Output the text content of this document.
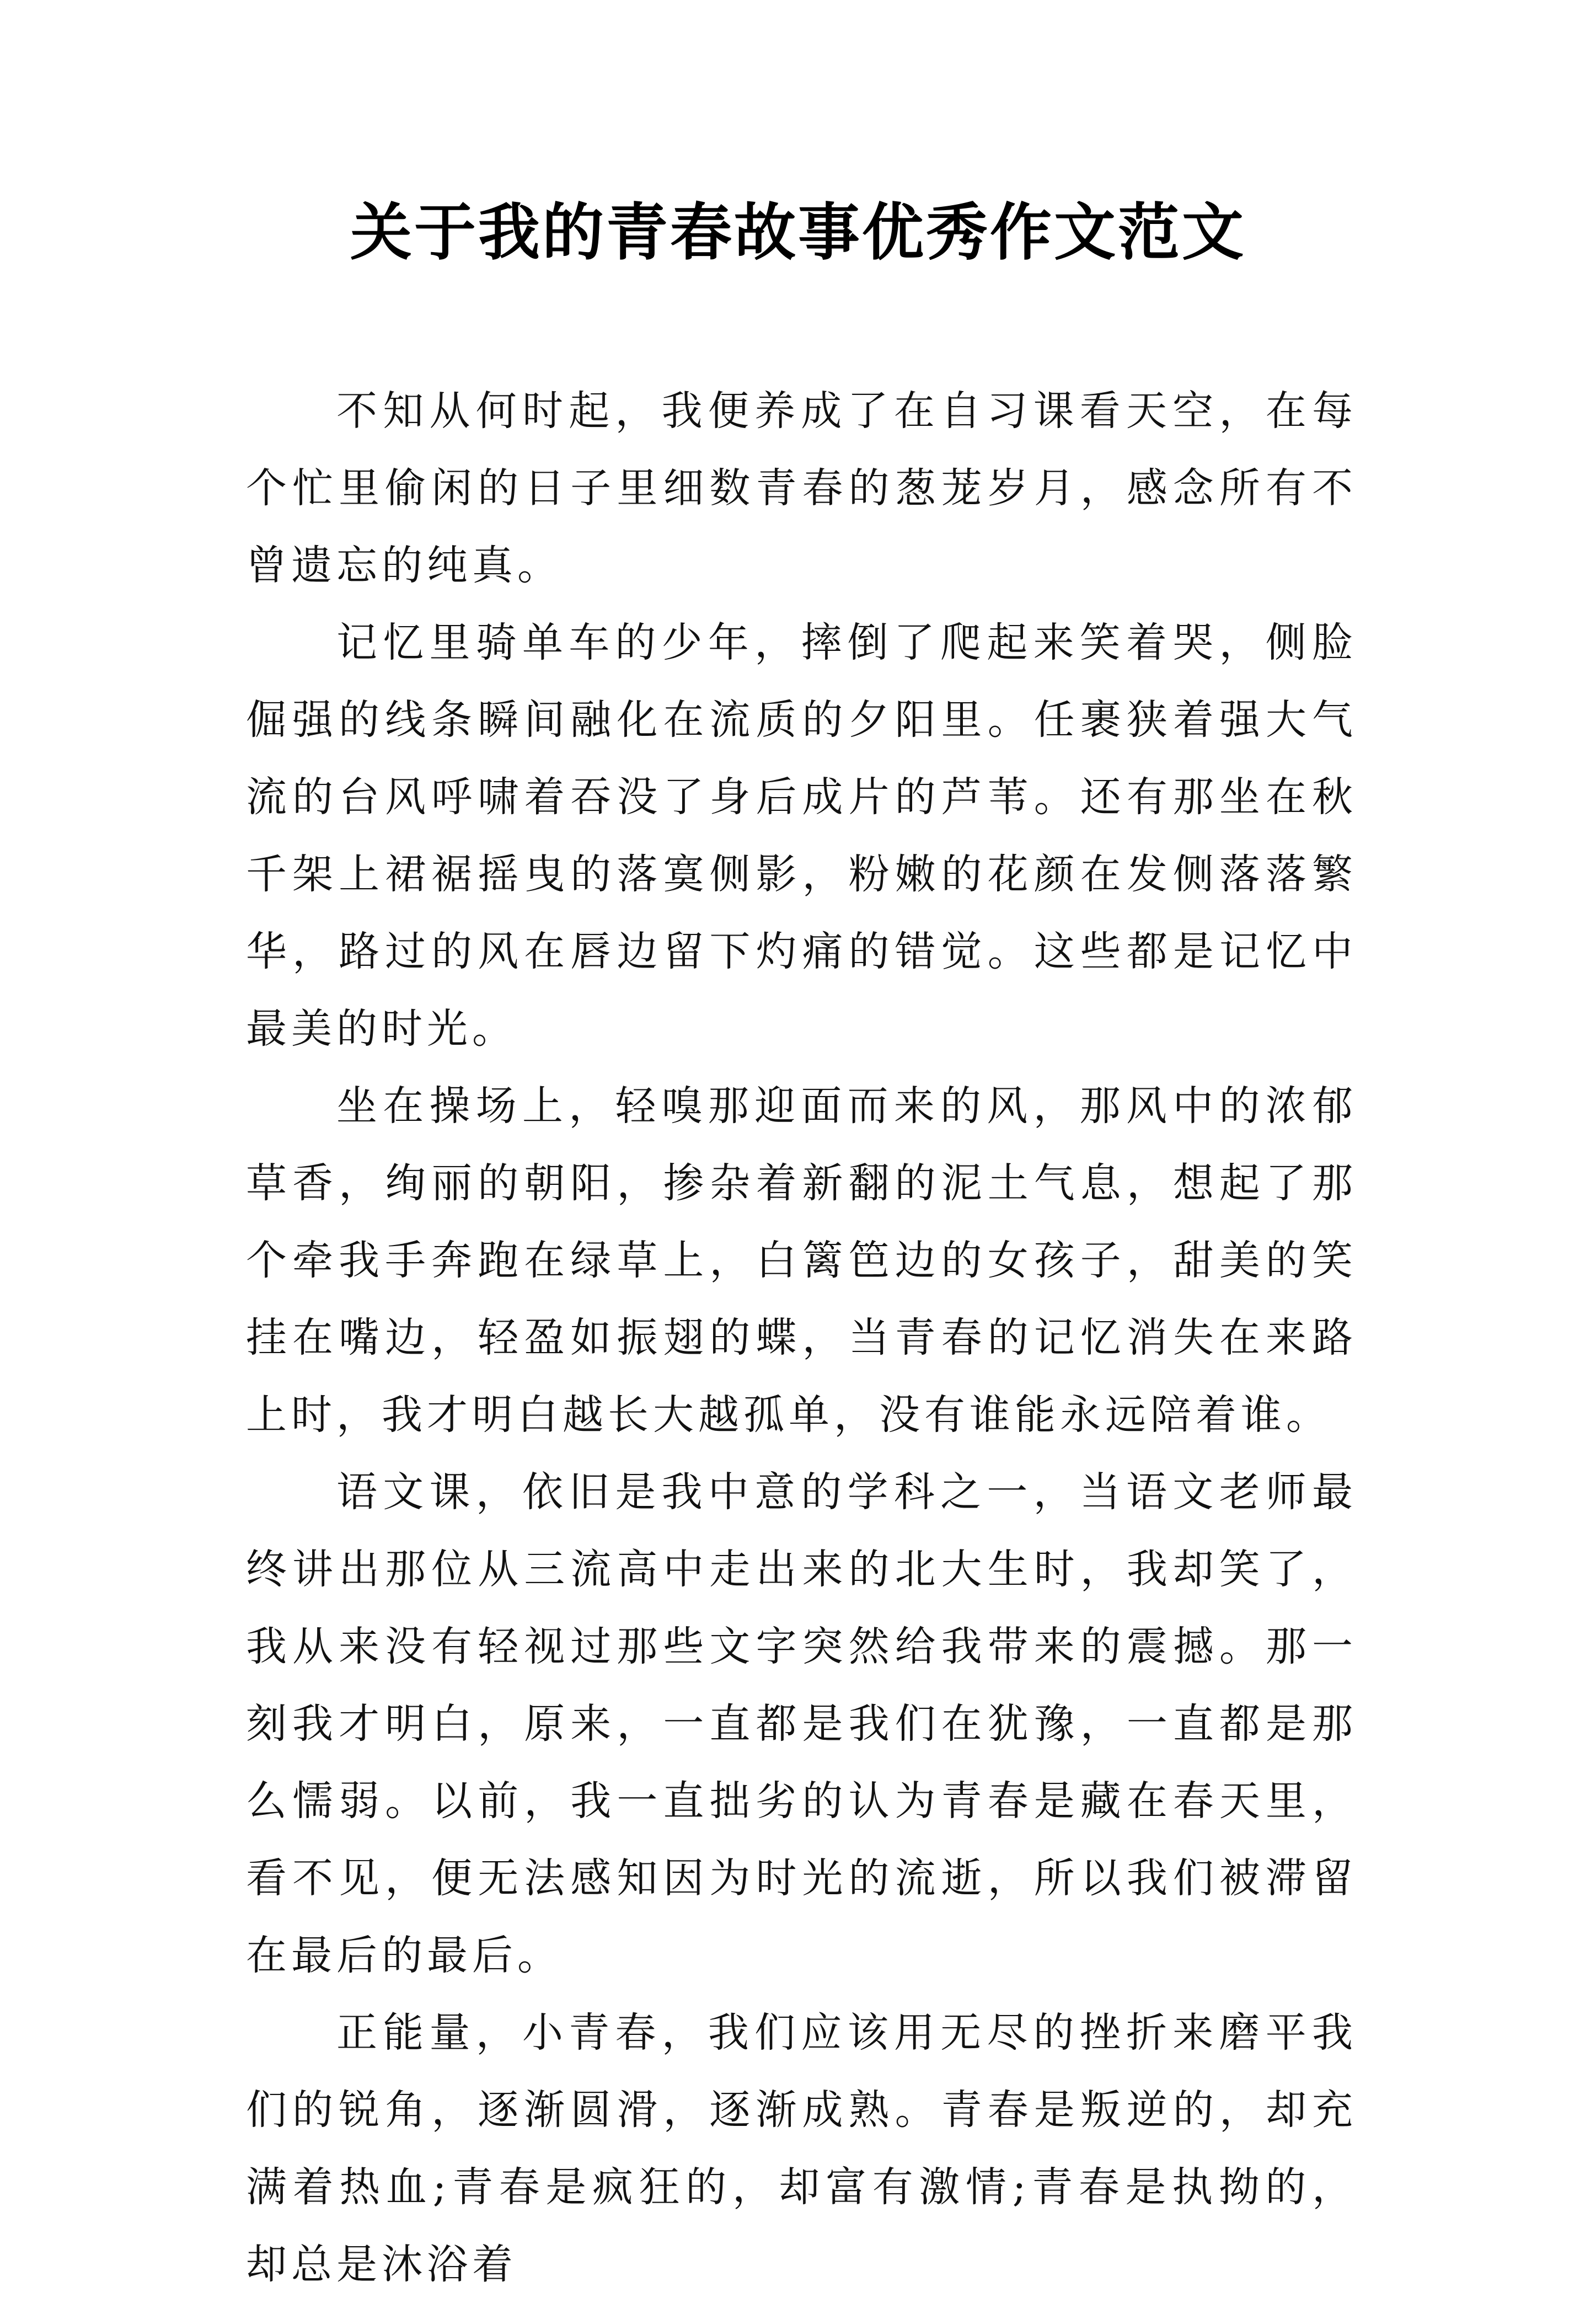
关于我的青春故事优秀作文范文

不知从何时起，我便养成了在自习课看天空，在每个忙里偷闲的日子里细数青春的葱茏岁月，感念所有不曾遗忘的纯真。

记忆里骑单车的少年，摔倒了爬起来笑着哭，侧脸倔强的线条瞬间融化在流质的夕阳里。任裹狭着强大气流的台风呼啸着吞没了身后成片的芦苇。还有那坐在秋千架上裙裾摇曳的落寞侧影，粉嫩的花颜在发侧落落繁华，路过的风在唇边留下灼痛的错觉。这些都是记忆中最美的时光。

坐在操场上，轻嗅那迎面而来的风，那风中的浓郁草香，绚丽的朝阳，掺杂着新翻的泥土气息，想起了那个牵我手奔跑在绿草上，白篱笆边的女孩子，甜美的笑挂在嘴边，轻盈如振翅的蝶，当青春的记忆消失在来路上时，我才明白越长大越孤单，没有谁能永远陪着谁。

语文课，依旧是我中意的学科之一，当语文老师最终讲出那位从三流高中走出来的北大生时，我却笑了，我从来没有轻视过那些文字突然给我带来的震撼。那一刻我才明白，原来，一直都是我们在犹豫，一直都是那么懦弱。以前，我一直拙劣的认为青春是藏在春天里，看不见，便无法感知因为时光的流逝，所以我们被滞留在最后的最后。

正能量，小青春，我们应该用无尽的挫折来磨平我们的锐角，逐渐圆滑，逐渐成熟。青春是叛逆的，却充满着热血;青春是疯狂的，却富有激情;青春是执拗的，却总是沐浴着
